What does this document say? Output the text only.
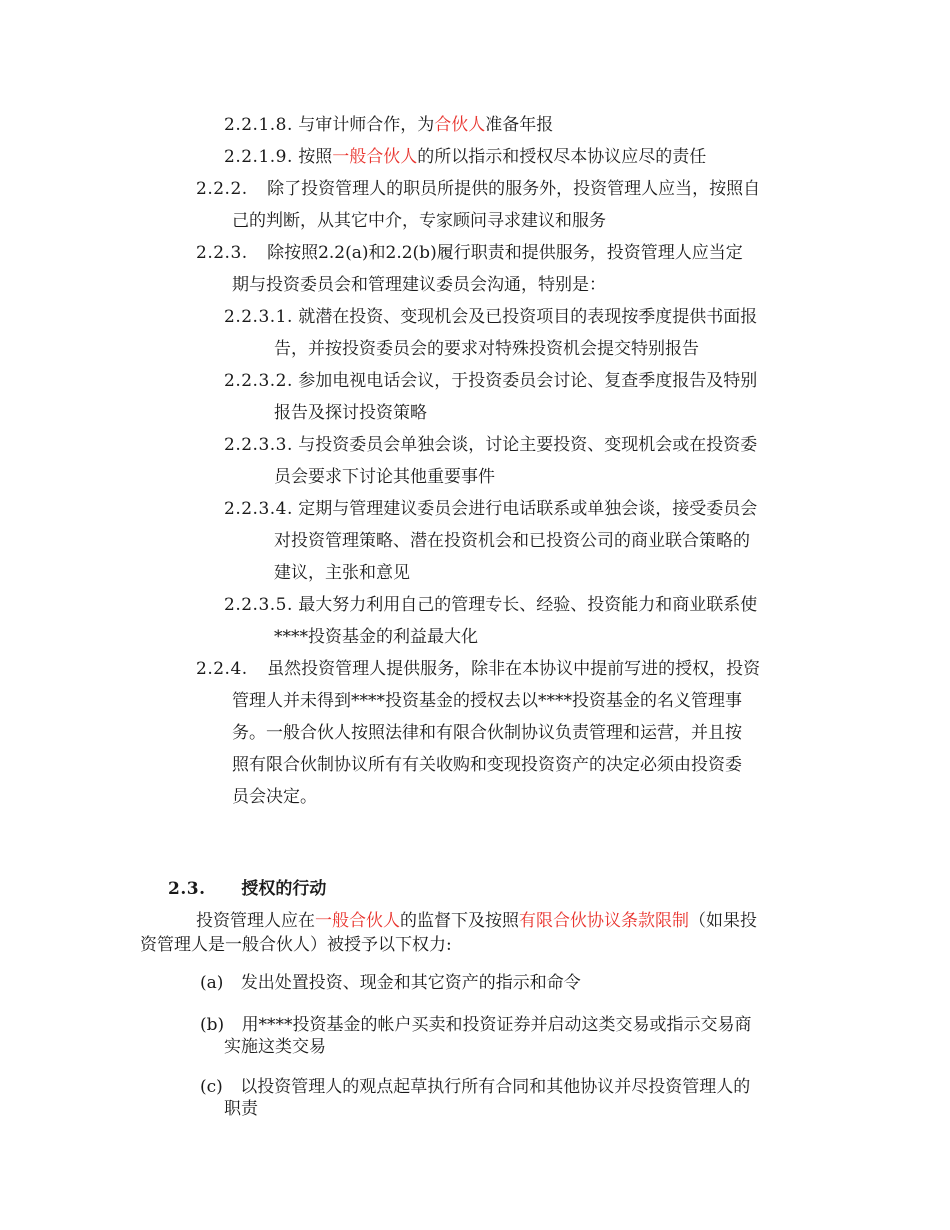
2.2.1.8. 与审计师合作，为合伙人准备年报
2.2.1.9. 按照一般合伙人的所以指示和授权尽本协议应尽的责任
2.2.2. 除了投资管理人的职员所提供的服务外，投资管理人应当，按照自
己的判断，从其它中介，专家顾问寻求建议和服务
2.2.3. 除按照2.2(a)和2.2(b)履行职责和提供服务，投资管理人应当定
期与投资委员会和管理建议委员会沟通，特别是：
2.2.3.1. 就潜在投资、变现机会及已投资项目的表现按季度提供书面报
告，并按投资委员会的要求对特殊投资机会提交特别报告
2.2.3.2. 参加电视电话会议，于投资委员会讨论、复查季度报告及特别
报告及探讨投资策略
2.2.3.3. 与投资委员会单独会谈，讨论主要投资、变现机会或在投资委
员会要求下讨论其他重要事件
2.2.3.4. 定期与管理建议委员会进行电话联系或单独会谈，接受委员会
对投资管理策略、潜在投资机会和已投资公司的商业联合策略的
建议，主张和意见
2.2.3.5. 最大努力利用自己的管理专长、经验、投资能力和商业联系使
****投资基金的利益最大化
2.2.4. 虽然投资管理人提供服务，除非在本协议中提前写进的授权，投资
管理人并未得到****投资基金的授权去以****投资基金的名义管理事
务。一般合伙人按照法律和有限合伙制协议负责管理和运营，并且按
照有限合伙制协议所有有关收购和变现投资资产的决定必须由投资委
员会决定。
2.3. 授权的行动
投资管理人应在一般合伙人的监督下及按照有限合伙协议条款限制（如果投
资管理人是一般合伙人）被授予以下权力:
(a) 发出处置投资、现金和其它资产的指示和命令
(b) 用****投资基金的帐户买卖和投资证券并启动这类交易或指示交易商
实施这类交易
(c) 以投资管理人的观点起草执行所有合同和其他协议并尽投资管理人的
职责
